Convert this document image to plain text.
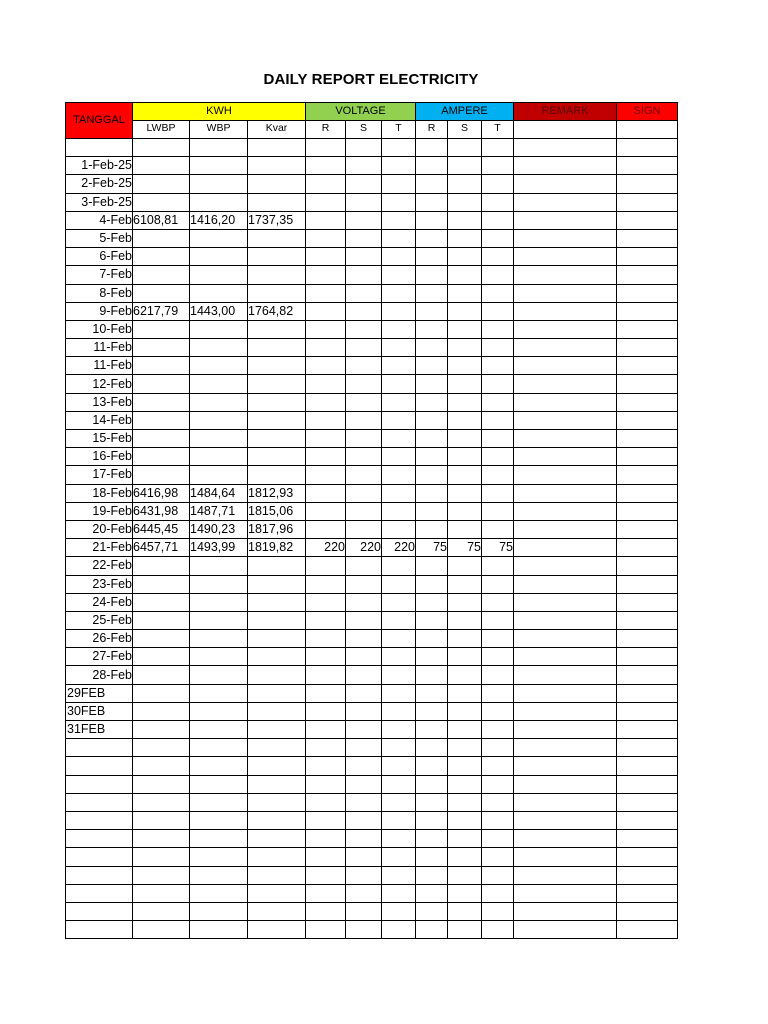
DAILY REPORT ELECTRICITY
TANGGAL	KWH			VOLTAGE			AMPERE			REMARK	SIGN
	LWBP	WBP	Kvar	R	S	T	R	S	T		

1-Feb-25											
2-Feb-25											
3-Feb-25											
4-Feb	6108,81	1416,20	1737,35								
5-Feb											
6-Feb											
7-Feb											
8-Feb											
9-Feb	6217,79	1443,00	1764,82								
10-Feb											
11-Feb											
11-Feb											
12-Feb											
13-Feb											
14-Feb											
15-Feb											
16-Feb											
17-Feb											
18-Feb	6416,98	1484,64	1812,93								
19-Feb	6431,98	1487,71	1815,06								
20-Feb	6445,45	1490,23	1817,96								
21-Feb	6457,71	1493,99	1819,82	220	220	220	75	75	75		
22-Feb											
23-Feb											
24-Feb											
25-Feb											
26-Feb											
27-Feb											
28-Feb											
29FEB											
30FEB											
31FEB											
